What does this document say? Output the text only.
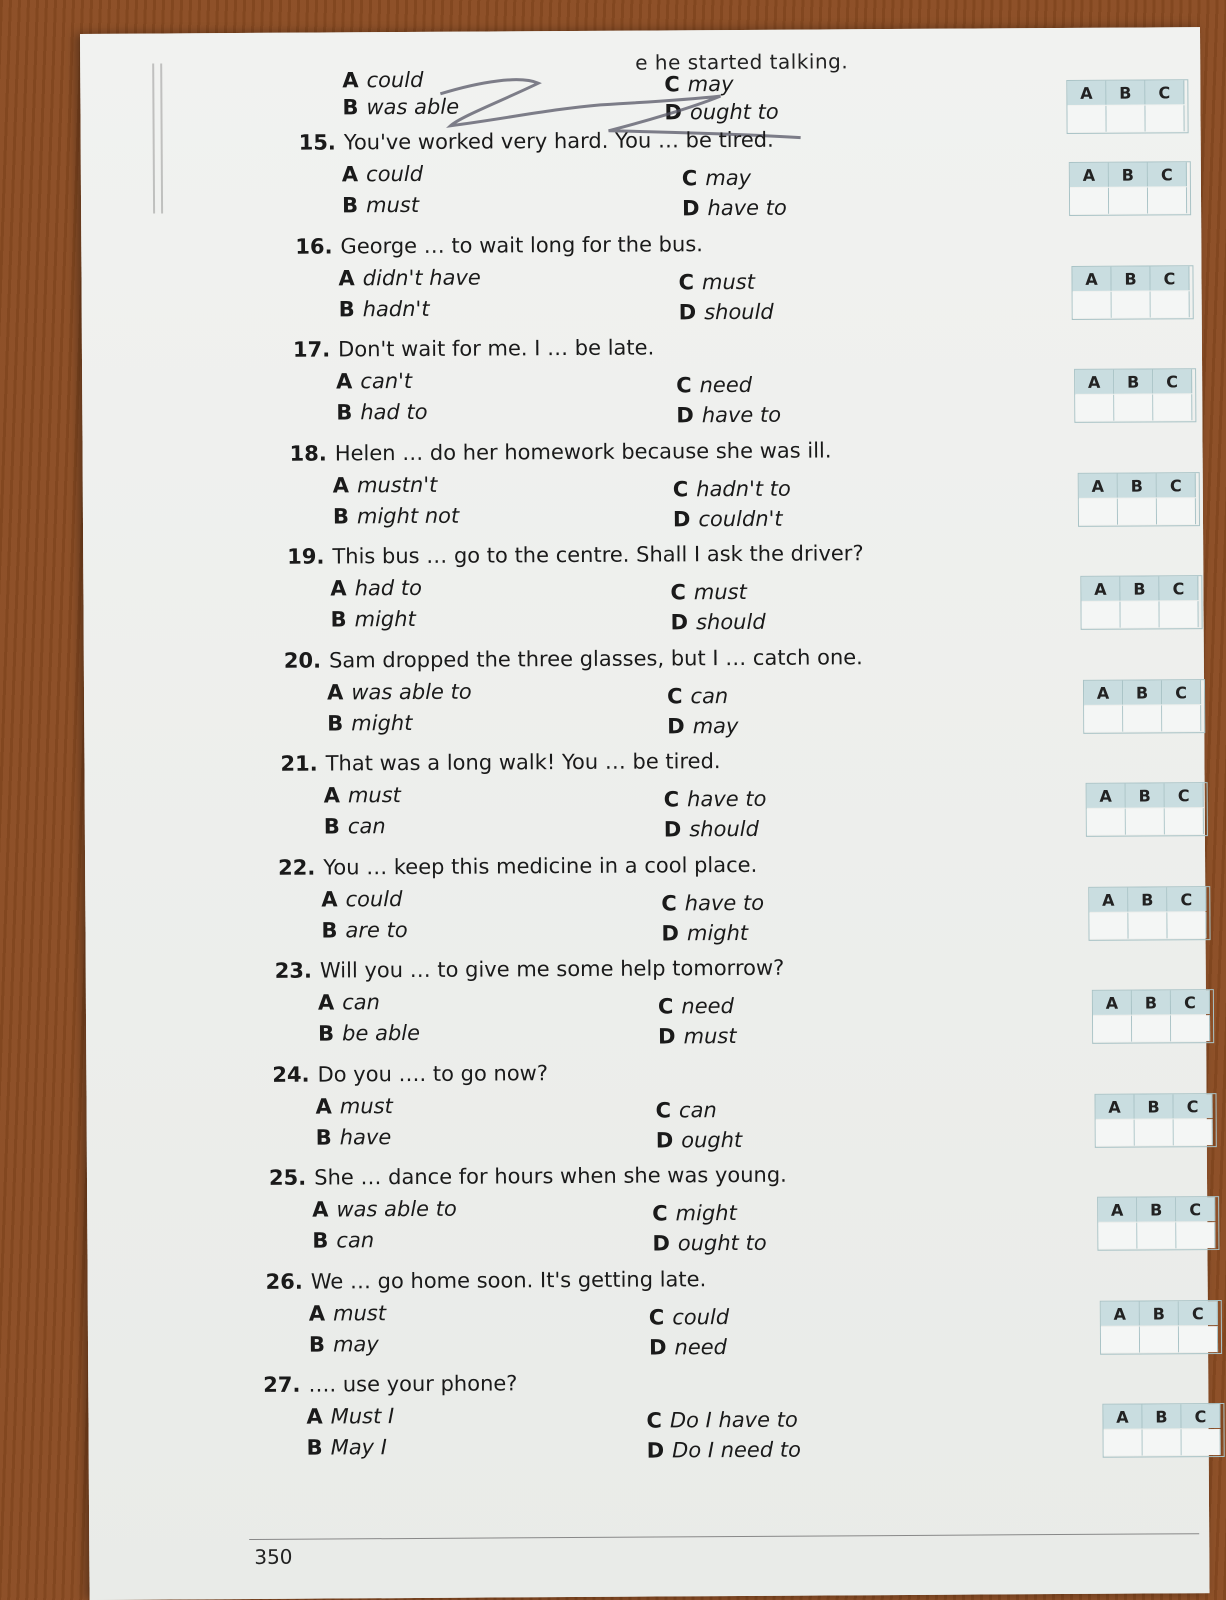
e he started talking.
A could
B was able
C may
D ought to
15. You've worked very hard. You … be tired.
A could
B must
C may
D have to
A	B	C
16. George … to wait long for the bus.
A didn't have
B hadn't
C must
D should
A	B	C
17. Don't wait for me. I … be late.
A can't
B had to
C need
D have to
A	B	C
18. Helen … do her homework because she was ill.
A mustn't
B might not
C hadn't to
D couldn't
A	B	C
19. This bus … go to the centre. Shall I ask the driver?
A had to
B might
C must
D should
A	B	C
20. Sam dropped the three glasses, but I … catch one.
A was able to
B might
C can
D may
A	B	C
21. That was a long walk! You … be tired.
A must
B can
C have to
D should
A	B	C
22. You … keep this medicine in a cool place.
A could
B are to
C have to
D might
A	B	C
23. Will you … to give me some help tomorrow?
A can
B be able
C need
D must
A	B	C
24. Do you …. to go now?
A must
B have
C can
D ought
A	B	C
25. She … dance for hours when she was young.
A was able to
B can
C might
D ought to
A	B	C
26. We … go home soon. It's getting late.
A must
B may
C could
D need
A	B	C
27. …. use your phone?
A Must I
B May I
C Do I have to
D Do I need to
A	B	C
A	B	C
350
